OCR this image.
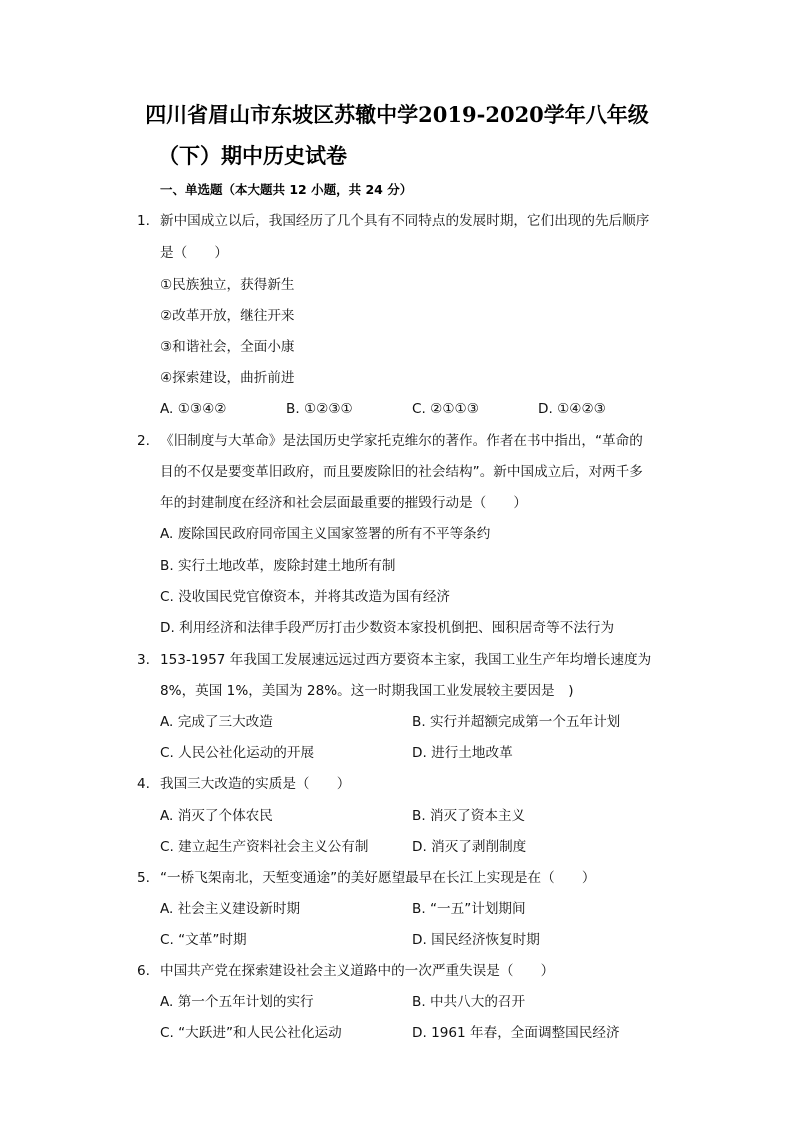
四川省眉山市东坡区苏辙中学2019-2020学年八年级
（下）期中历史试卷
一、单选题（本大题共 12 小题，共 24 分）
1. 新中国成立以后，我国经历了几个具有不同特点的发展时期，它们出现的先后顺序
是（　　）
①民族独立，获得新生
②改革开放，继往开来
③和谐社会，全面小康
④探索建设，曲折前进
A. ①③④②	B. ①②③①	C. ②①①③	D. ①④②③
2. 《旧制度与大革命》是法国历史学家托克维尔的著作。作者在书中指出，“革命的
目的不仅是要变革旧政府，而且要废除旧的社会结构”。新中国成立后，对两千多
年的封建制度在经济和社会层面最重要的摧毁行动是（　　）
A. 废除国民政府同帝国主义国家签署的所有不平等条约
B. 实行土地改革，废除封建土地所有制
C. 没收国民党官僚资本，并将其改造为国有经济
D. 利用经济和法律手段严厉打击少数资本家投机倒把、囤积居奇等不法行为
3. 153-1957 年我国工发展速远远过西方要资本主家，我国工业生产年均增长速度为
8%，英国 1%，美国为 28%。这一时期我国工业发展较主要因是　)
A. 完成了三大改造	B. 实行并超额完成第一个五年计划
C. 人民公社化运动的开展	D. 进行土地改革
4. 我国三大改造的实质是（　　）
A. 消灭了个体农民	B. 消灭了资本主义
C. 建立起生产资料社会主义公有制	D. 消灭了剥削制度
5. “一桥飞架南北，天堑变通途”的美好愿望最早在长江上实现是在（　　）
A. 社会主义建设新时期	B. “一五”计划期间
C. “文革”时期	D. 国民经济恢复时期
6. 中国共产党在探索建设社会主义道路中的一次严重失误是（　　）
A. 第一个五年计划的实行	B. 中共八大的召开
C. “大跃进”和人民公社化运动	D. 1961 年春，全面调整国民经济
